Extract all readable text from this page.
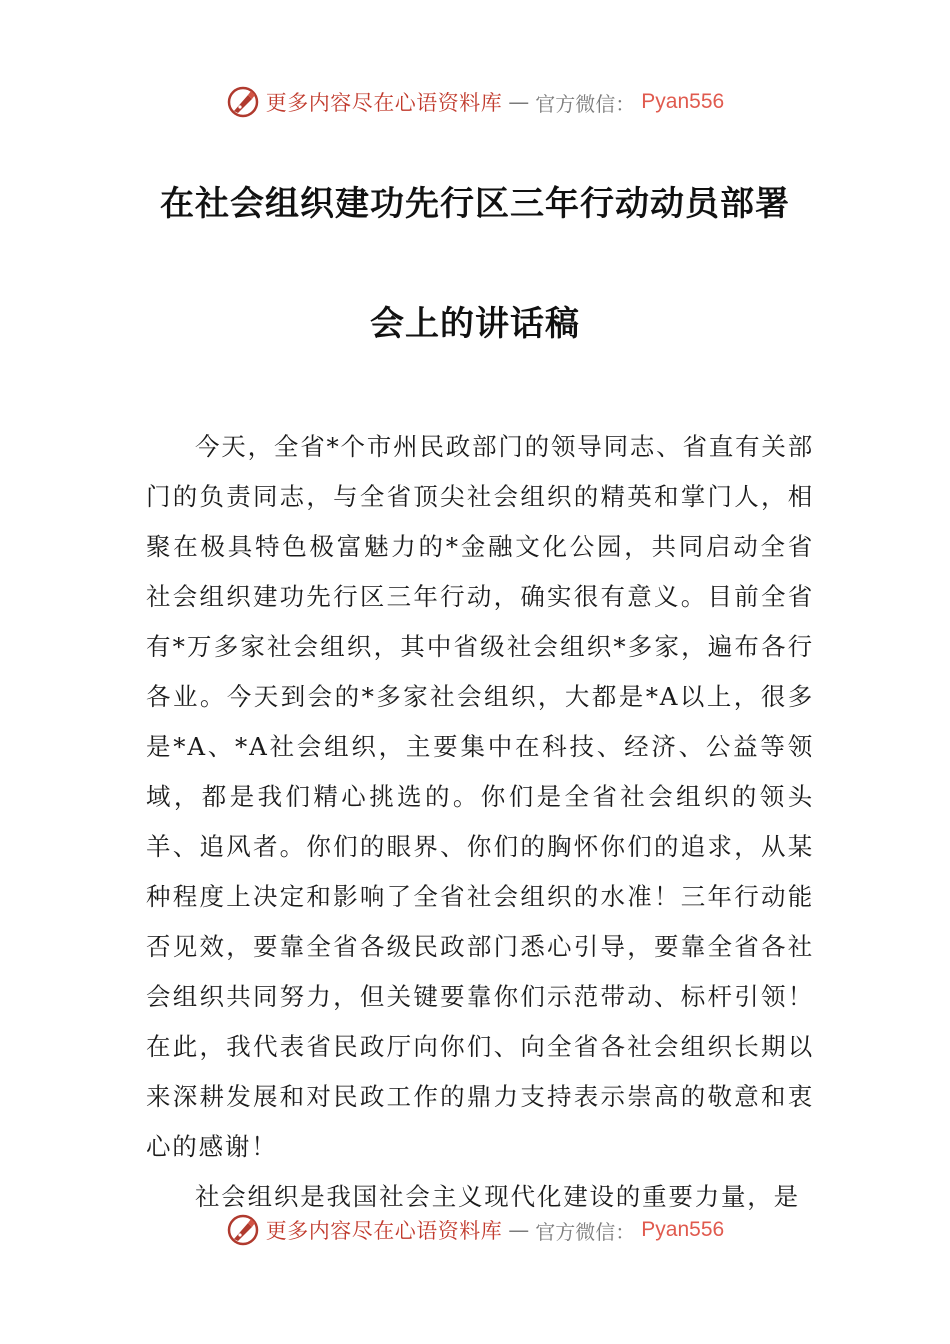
更多内容尽在心语资料库 — 官方微信： Pyan556
在社会组织建功先行区三年行动动员部署
会上的讲话稿

今天，全省*个市州民政部门的领导同志、省直有关部门的负责同志，与全省顶尖社会组织的精英和掌门人，相聚在极具特色极富魅力的*金融文化公园，共同启动全省社会组织建功先行区三年行动，确实很有意义。目前全省有*万多家社会组织，其中省级社会组织*多家，遍布各行各业。今天到会的*多家社会组织，大都是*A以上，很多是*A、*A社会组织，主要集中在科技、经济、公益等领域，都是我们精心挑选的。你们是全省社会组织的领头羊、追风者。你们的眼界、你们的胸怀你们的追求，从某种程度上决定和影响了全省社会组织的水准！三年行动能否见效，要靠全省各级民政部门悉心引导，要靠全省各社会组织共同努力，但关键要靠你们示范带动、标杆引领！在此，我代表省民政厅向你们、向全省各社会组织长期以来深耕发展和对民政工作的鼎力支持表示崇高的敬意和衷心的感谢！

社会组织是我国社会主义现代化建设的重要力量，是

更多内容尽在心语资料库 — 官方微信： Pyan556
